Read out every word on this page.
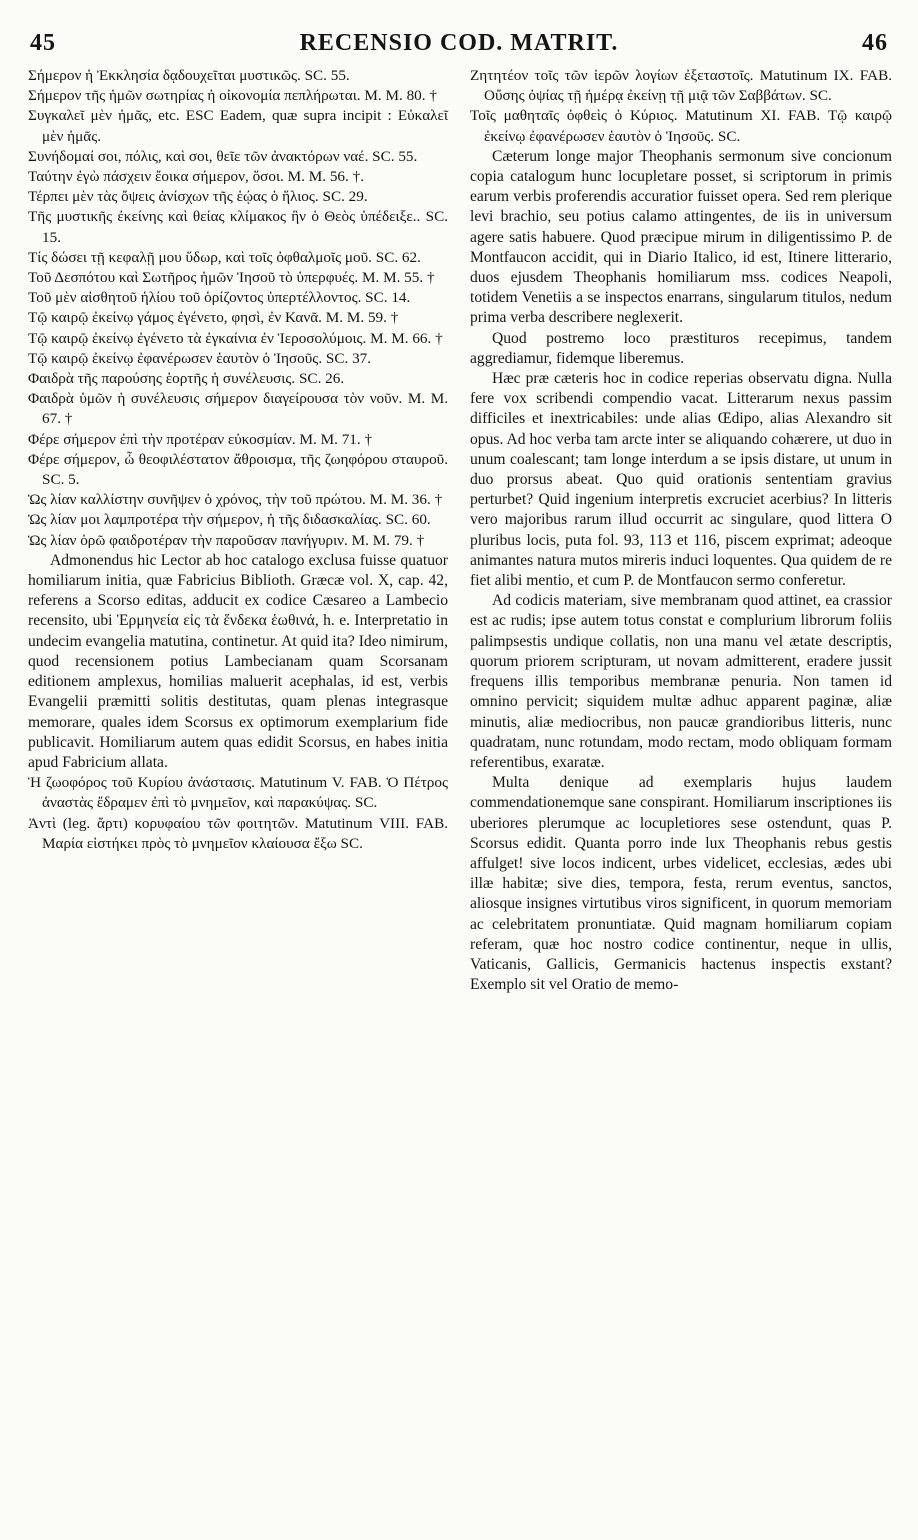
45	RECENSIO COD. MATRIT.	46

Σήμερον ἡ Ἐκκλησία δᾳδουχεῖται μυστικῶς. SC. 55.

Σήμερον τῆς ἡμῶν σωτηρίας ἡ οἰκονομία πεπλήρωται. M. M. 80. †

Συγκαλεῖ μὲν ἡμᾶς, etc. ESC Eadem, quæ supra incipit : Εὐκαλεῖ μὲν ἡμᾶς.

Συνήδομαί σοι, πόλις, καὶ σοι, θεῖε τῶν ἀνακτόρων ναέ. SC. 55.

Ταύτην ἐγὼ πάσχειν ἔοικα σήμερον, ὅσοι. M. M. 56. †.

Τέρπει μὲν τὰς ὄψεις ἀνίσχων τῆς ἑῴας ὁ ἥλιος. SC. 29.

Τῆς μυστικῆς ἐκείνης καὶ θείας κλίμακος ἣν ὁ Θεὸς ὑπέδειξε.. SC. 15.

Τίς δώσει τῇ κεφαλῇ μου ὕδωρ, καὶ τοῖς ὀφθαλμοῖς μοῦ. SC. 62.

Τοῦ Δεσπότου καὶ Σωτῆρος ἡμῶν Ἰησοῦ τὸ ὑπερφυές. M. M. 55. †

Τοῦ μὲν αἰσθητοῦ ἡλίου τοῦ ὁρίζοντος ὑπερτέλλοντος. SC. 14.

Τῷ καιρῷ ἐκείνῳ γάμος ἐγένετο, φησὶ, ἐν Κανᾶ. M. M. 59. †

Τῷ καιρῷ ἐκείνῳ ἐγένετο τὰ ἐγκαίνια ἐν Ἱεροσολύμοις. M. M. 66. †

Τῷ καιρῷ ἐκείνῳ ἐφανέρωσεν ἑαυτὸν ὁ Ἰησοῦς. SC. 37.

Φαιδρὰ τῆς παρούσης ἑορτῆς ἡ συνέλευσις. SC. 26.

Φαιδρὰ ὑμῶν ἡ συνέλευσις σήμερον διαγείρουσα τὸν νοῦν. M. M. 67. †

Φέρε σήμερον ἐπὶ τὴν προτέραν εὐκοσμίαν. M. M. 71. †

Φέρε σήμερον, ὦ θεοφιλέστατον ἄθροισμα, τῆς ζωηφόρου σταυροῦ. SC. 5.

Ὡς λίαν καλλίστην συνῆψεν ὁ χρόνος, τὴν τοῦ πρώτου. M. M. 36. †

Ὡς λίαν μοι λαμπροτέρα τὴν σήμερον, ἡ τῆς διδασκαλίας. SC. 60.

Ὡς λίαν ὁρῶ φαιδροτέραν τὴν παροῦσαν πανήγυριν. M. M. 79. †

Admonendus hic Lector ab hoc catalogo exclusa fuisse quatuor homiliarum initia, quæ Fabricius Biblioth. Græcæ vol. X, cap. 42, referens a Scorso editas, adducit ex codice Cæsareo a Lambecio recensito, ubi Ἑρμηνεία εἰς τὰ ἕνδεκα ἑωθινά, h. e. Interpretatio in undecim evangelia matutina, continetur. At quid ita? Ideo nimirum, quod recensionem potius Lambecianam quam Scorsanam editionem amplexus, homilias maluerit acephalas, id est, verbis Evangelii præmitti solitis destitutas, quam plenas integrasque memorare, quales idem Scorsus ex optimorum exemplarium fide publicavit. Homiliarum autem quas edidit Scorsus, en habes initia apud Fabricium allata.

Ἡ ζωοφόρος τοῦ Κυρίου ἀνάστασις. Matutinum V. FAB. Ὁ Πέτρος ἀναστὰς ἔδραμεν ἐπὶ τὸ μνημεῖον, καὶ παρακύψας. SC.

Ἀντὶ (leg. ἄρτι) κορυφαίου τῶν φοιτητῶν. Matutinum VIII. FAB. Μαρία εἱστήκει πρὸς τὸ μνημεῖον κλαίουσα ἔξω SC.

Ζητητέον τοῖς τῶν ἱερῶν λογίων ἐξεταστοῖς. Matutinum IX. FAB. Οὔσης ὀψίας τῇ ἡμέρᾳ ἐκείνῃ τῇ μιᾷ τῶν Σαββάτων. SC.

Τοῖς μαθηταῖς ὀφθεὶς ὁ Κύριος. Matutinum XI. FAB. Τῷ καιρῷ ἐκείνῳ ἐφανέρωσεν ἑαυτὸν ὁ Ἰησοῦς. SC.

Cæterum longe major Theophanis sermonum sive concionum copia catalogum hunc locupletare posset, si scriptorum in primis earum verbis proferendis accuratior fuisset opera. Sed rem plerique levi brachio, seu potius calamo attingentes, de iis in universum agere satis habuere. Quod præcipue mirum in diligentissimo P. de Montfaucon accidit, qui in Diario Italico, id est, Itinere litterario, duos ejusdem Theophanis homiliarum mss. codices Neapoli, totidem Venetiis a se inspectos enarrans, singularum titulos, nedum prima verba describere neglexerit.

Quod postremo loco præstituros recepimus, tandem aggrediamur, fidemque liberemus.

Hæc præ cæteris hoc in codice reperias observatu digna. Nulla fere vox scribendi compendio vacat. Litterarum nexus passim difficiles et inextricabiles: unde alias Œdipo, alias Alexandro sit opus. Ad hoc verba tam arcte inter se aliquando cohærere, ut duo in unum coalescant; tam longe interdum a se ipsis distare, ut unum in duo prorsus abeat. Quo quid orationis sententiam gravius perturbet? Quid ingenium interpretis excruciet acerbius? In litteris vero majoribus rarum illud occurrit ac singulare, quod littera O pluribus locis, puta fol. 93, 113 et 116, piscem exprimat; adeoque animantes natura mutos mireris induci loquentes. Qua quidem de re fiet alibi mentio, et cum P. de Montfaucon sermo conferetur.

Ad codicis materiam, sive membranam quod attinet, ea crassior est ac rudis; ipse autem totus constat e complurium librorum foliis palimpsestis undique collatis, non una manu vel ætate descriptis, quorum priorem scripturam, ut novam admitterent, eradere jussit frequens illis temporibus membranæ penuria. Non tamen id omnino pervicit; siquidem multæ adhuc apparent paginæ, aliæ minutis, aliæ mediocribus, non paucæ grandioribus litteris, nunc quadratam, nunc rotundam, modo rectam, modo obliquam formam referentibus, exaratæ.

Multa denique ad exemplaris hujus laudem commendationemque sane conspirant. Homiliarum inscriptiones iis uberiores plerumque ac locupletiores sese ostendunt, quas P. Scorsus edidit. Quanta porro inde lux Theophanis rebus gestis affulget! sive locos indicent, urbes videlicet, ecclesias, ædes ubi illæ habitæ; sive dies, tempora, festa, rerum eventus, sanctos, aliosque insignes virtutibus viros significent, in quorum memoriam ac celebritatem pronuntiatæ. Quid magnam homiliarum copiam referam, quæ hoc nostro codice continentur, neque in ullis, Vaticanis, Gallicis, Germanicis hactenus inspectis exstant? Exemplo sit vel Oratio de memo-
